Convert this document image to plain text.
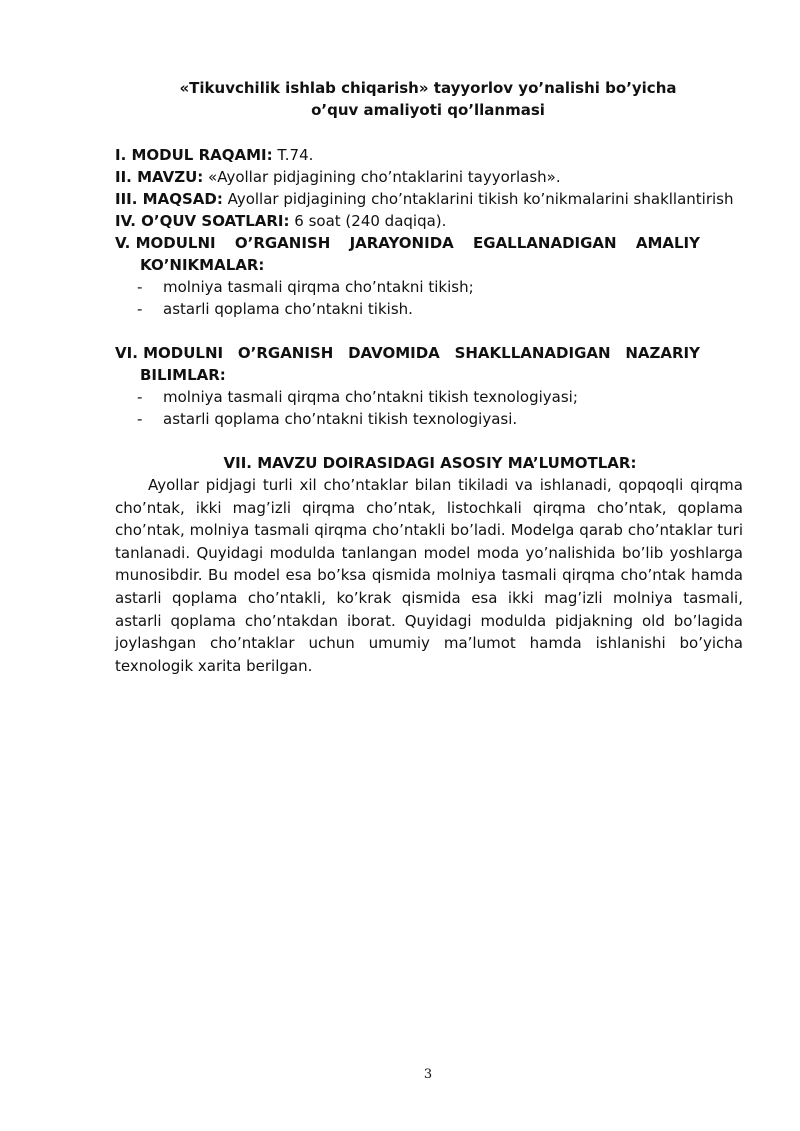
«Tikuvchilik ishlab chiqarish» tayyorlov yo’nalishi bo’yicha
o’quv amaliyoti qo’llanmasi
I. MODUL RAQAMI: T.74.
II. MAVZU: «Ayollar pidjagining cho’ntaklarini tayyorlash».
III. MAQSAD: Ayollar pidjagining cho’ntaklarini tikish ko’nikmalarini shakllantirish
IV. O’QUV SOATLARI: 6 soat (240 daqiqa).
V. MODULNI O’RGANISH JARAYONIDA EGALLANADIGAN AMALIY
KO’NIKMALAR:
- molniya tasmali qirqma cho’ntakni tikish;
- astarli qoplama cho’ntakni tikish.
VI. MODULNI O’RGANISH DAVOMIDA SHAKLLANADIGAN NAZARIY
BILIMLAR:
- molniya tasmali qirqma cho’ntakni tikish texnologiyasi;
- astarli qoplama cho’ntakni tikish texnologiyasi.
VII. MAVZU DOIRASIDAGI ASOSIY MA’LUMOTLAR:
Ayollar pidjagi turli xil cho’ntaklar bilan tikiladi va ishlanadi, qopqoqli qirqma cho’ntak, ikki mag’izli qirqma cho’ntak, listochkali qirqma cho’ntak, qoplama cho’ntak, molniya tasmali qirqma cho’ntakli bo’ladi. Modelga qarab cho’ntaklar turi tanlanadi. Quyidagi modulda tanlangan model moda yo’nalishida bo’lib yoshlarga munosibdir. Bu model esa bo’ksa qismida molniya tasmali qirqma cho’ntak hamda astarli qoplama cho’ntakli, ko’krak qismida esa ikki mag’izli molniya tasmali, astarli qoplama cho’ntakdan iborat. Quyidagi modulda pidjakning old bo’lagida joylashgan cho’ntaklar uchun umumiy ma’lumot hamda ishlanishi bo’yicha texnologik xarita berilgan.
3
